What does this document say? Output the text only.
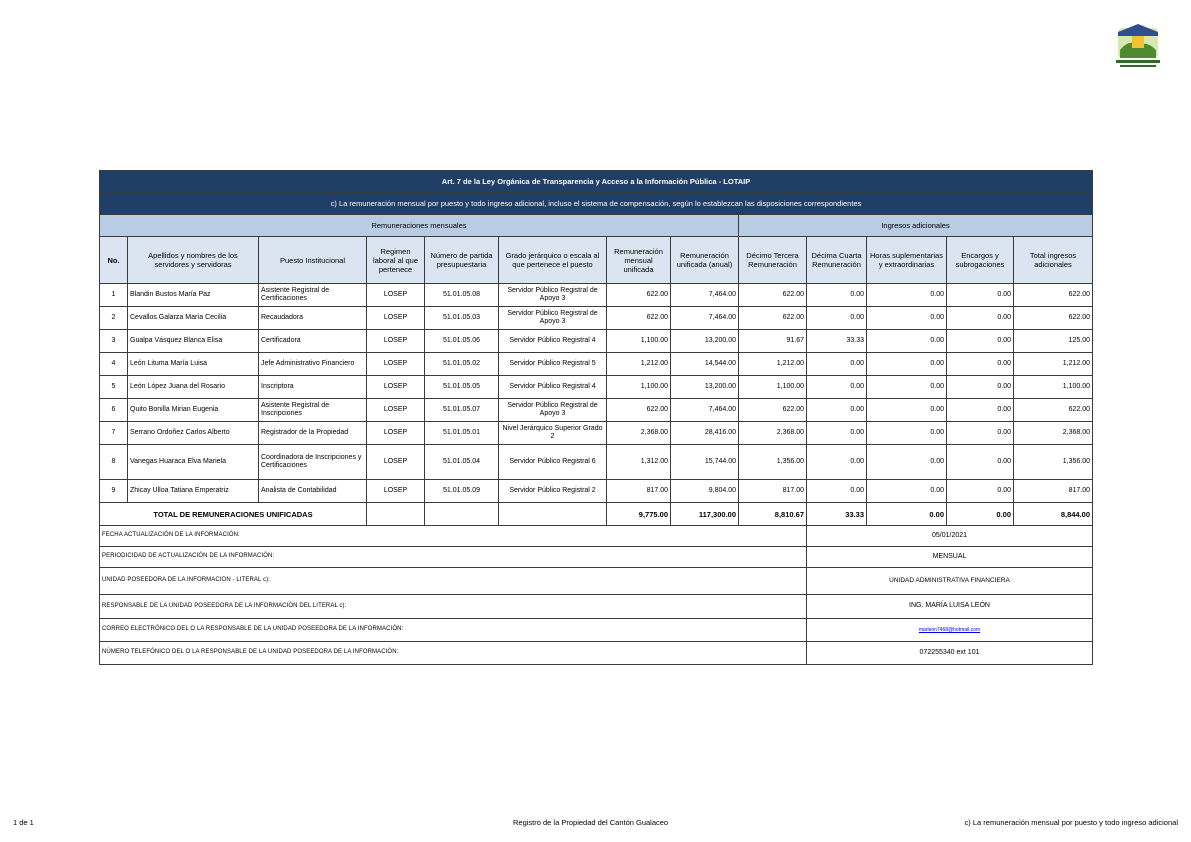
Art. 7 de la Ley Orgánica de Transparencia y Acceso a la Información Pública - LOTAIP												
c) La remuneración mensual por puesto y todo ingreso adicional, incluso el sistema de compensación, según lo establezcan las disposiciones correspondientes												
Remuneraciones mensuales								Ingresos adicionales				
No.	Apellidos y nombres de los servidores y servidoras	Puesto Institucional	Regimen laboral al que pertenece	Número de partida presupuestaria	Grado jerárquico o escala al que pertenece el puesto	Remuneración mensual unificada	Remuneración unificada (anual)	Décimo Tercera Remuneración	Décima Cuarta Remuneración	Horas suplementarias y extraordinarias	Encargos y subrogaciones	Total ingresos adicionales
1	Blandin Bustos María Paz	Asistente Registral de Certificaciones	LOSEP	51.01.05.08	Servidor Público Registral de Apoyo 3	622.00	7,464.00	622.00	0.00	0.00	0.00	622.00
2	Cevallos Galarza María Cecilia	Recaudadora	LOSEP	51.01.05.03	Servidor Público Registral de Apoyo 3	622.00	7,464.00	622.00	0.00	0.00	0.00	622.00
3	Gualpa Vásquez Blanca Elisa	Certificadora	LOSEP	51.01.05.06	Servidor Público Registral 4	1,100.00	13,200.00	91.67	33.33	0.00	0.00	125.00
4	León Lituma María Luisa	Jefe Administrativo Financiero	LOSEP	51.01.05.02	Servidor Público Registral 5	1,212.00	14,544.00	1,212.00	0.00	0.00	0.00	1,212.00
5	León López Juana del Rosario	Inscriptora	LOSEP	51.01.05.05	Servidor Público Registral 4	1,100.00	13,200.00	1,100.00	0.00	0.00	0.00	1,100.00
6	Quito Bonilla Mirian Eugenia	Asistente Registral de Inscripciones	LOSEP	51.01.05.07	Servidor Público Registral de Apoyo 3	622.00	7,464.00	622.00	0.00	0.00	0.00	622.00
7	Serrano Ordoñez Carlos Alberto	Registrador de la Propiedad	LOSEP	51.01.05.01	Nivel Jerárquico Superior Grado 2	2,368.00	28,416.00	2,368.00	0.00	0.00	0.00	2,368.00
8	Vanegas Huaraca Elva Mariela	Coordinadora de Inscripciones y Certificaciones	LOSEP	51.01.05.04	Servidor Público Registral 6	1,312.00	15,744.00	1,356.00	0.00	0.00	0.00	1,356.00
9	Zhicay Ulloa Tatiana Emperatriz	Analista de Contabilidad	LOSEP	51.01.05.09	Servidor Público Registral 2	817.00	9,804.00	817.00	0.00	0.00	0.00	817.00
TOTAL DE REMUNERACIONES UNIFICADAS						9,775.00	117,300.00	8,810.67	33.33	0.00	0.00	8,844.00
FECHA ACTUALIZACIÓN DE LA INFORMACIÓN:									05/01/2021			
PERIODICIDAD DE ACTUALIZACIÓN DE LA INFORMACIÓN:									MENSUAL			
UNIDAD POSEEDORA DE LA INFORMACION - LITERAL c):									UNIDAD ADMINISTRATIVA FINANCIERA			
RESPONSABLE DE LA UNIDAD POSEEDORA DE LA INFORMACIÓN DEL LITERAL c):									ING. MARÍA LUISA LEÓN			
CORREO ELECTRÓNICO DEL O LA RESPONSABLE DE LA UNIDAD POSEEDORA DE LA INFORMACIÓN:									marleon7468@hotmail.com			
NÚMERO TELEFÓNICO DEL O LA RESPONSABLE DE LA UNIDAD POSEEDORA DE LA INFORMACIÓN:									072255340 ext 101			
1 de 1	Registro de la Propiedad del Cantón Gualaceo	c) La remuneración mensual por puesto y todo ingreso adicional
